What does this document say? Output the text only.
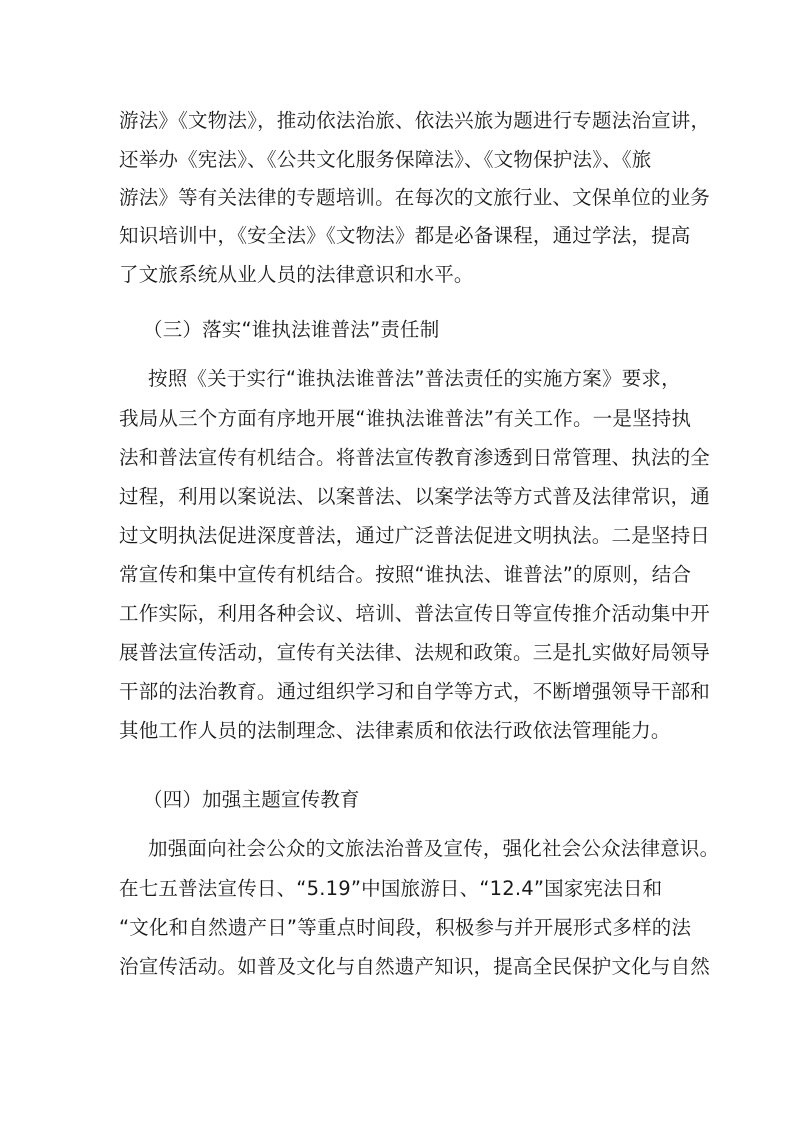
游法》《文物法》，推动依法治旅、依法兴旅为题进行专题法治宣讲，
还举办《宪法》、《公共文化服务保障法》、《文物保护法》、《旅
游法》等有关法律的专题培训。在每次的文旅行业、文保单位的业务
知识培训中，《安全法》《文物法》都是必备课程，通过学法，提高
了文旅系统从业人员的法律意识和水平。
（三）落实“谁执法谁普法”责任制
按照《关于实行“谁执法谁普法”普法责任的实施方案》要求，
我局从三个方面有序地开展“谁执法谁普法”有关工作。一是坚持执
法和普法宣传有机结合。将普法宣传教育渗透到日常管理、执法的全
过程，利用以案说法、以案普法、以案学法等方式普及法律常识，通
过文明执法促进深度普法，通过广泛普法促进文明执法。二是坚持日
常宣传和集中宣传有机结合。按照“谁执法、谁普法”的原则，结合
工作实际，利用各种会议、培训、普法宣传日等宣传推介活动集中开
展普法宣传活动，宣传有关法律、法规和政策。三是扎实做好局领导
干部的法治教育。通过组织学习和自学等方式，不断增强领导干部和
其他工作人员的法制理念、法律素质和依法行政依法管理能力。
（四）加强主题宣传教育
加强面向社会公众的文旅法治普及宣传，强化社会公众法律意识。
在七五普法宣传日、“5.19”中国旅游日、“12.4”国家宪法日和
“文化和自然遗产日”等重点时间段，积极参与并开展形式多样的法
治宣传活动。如普及文化与自然遗产知识，提高全民保护文化与自然
